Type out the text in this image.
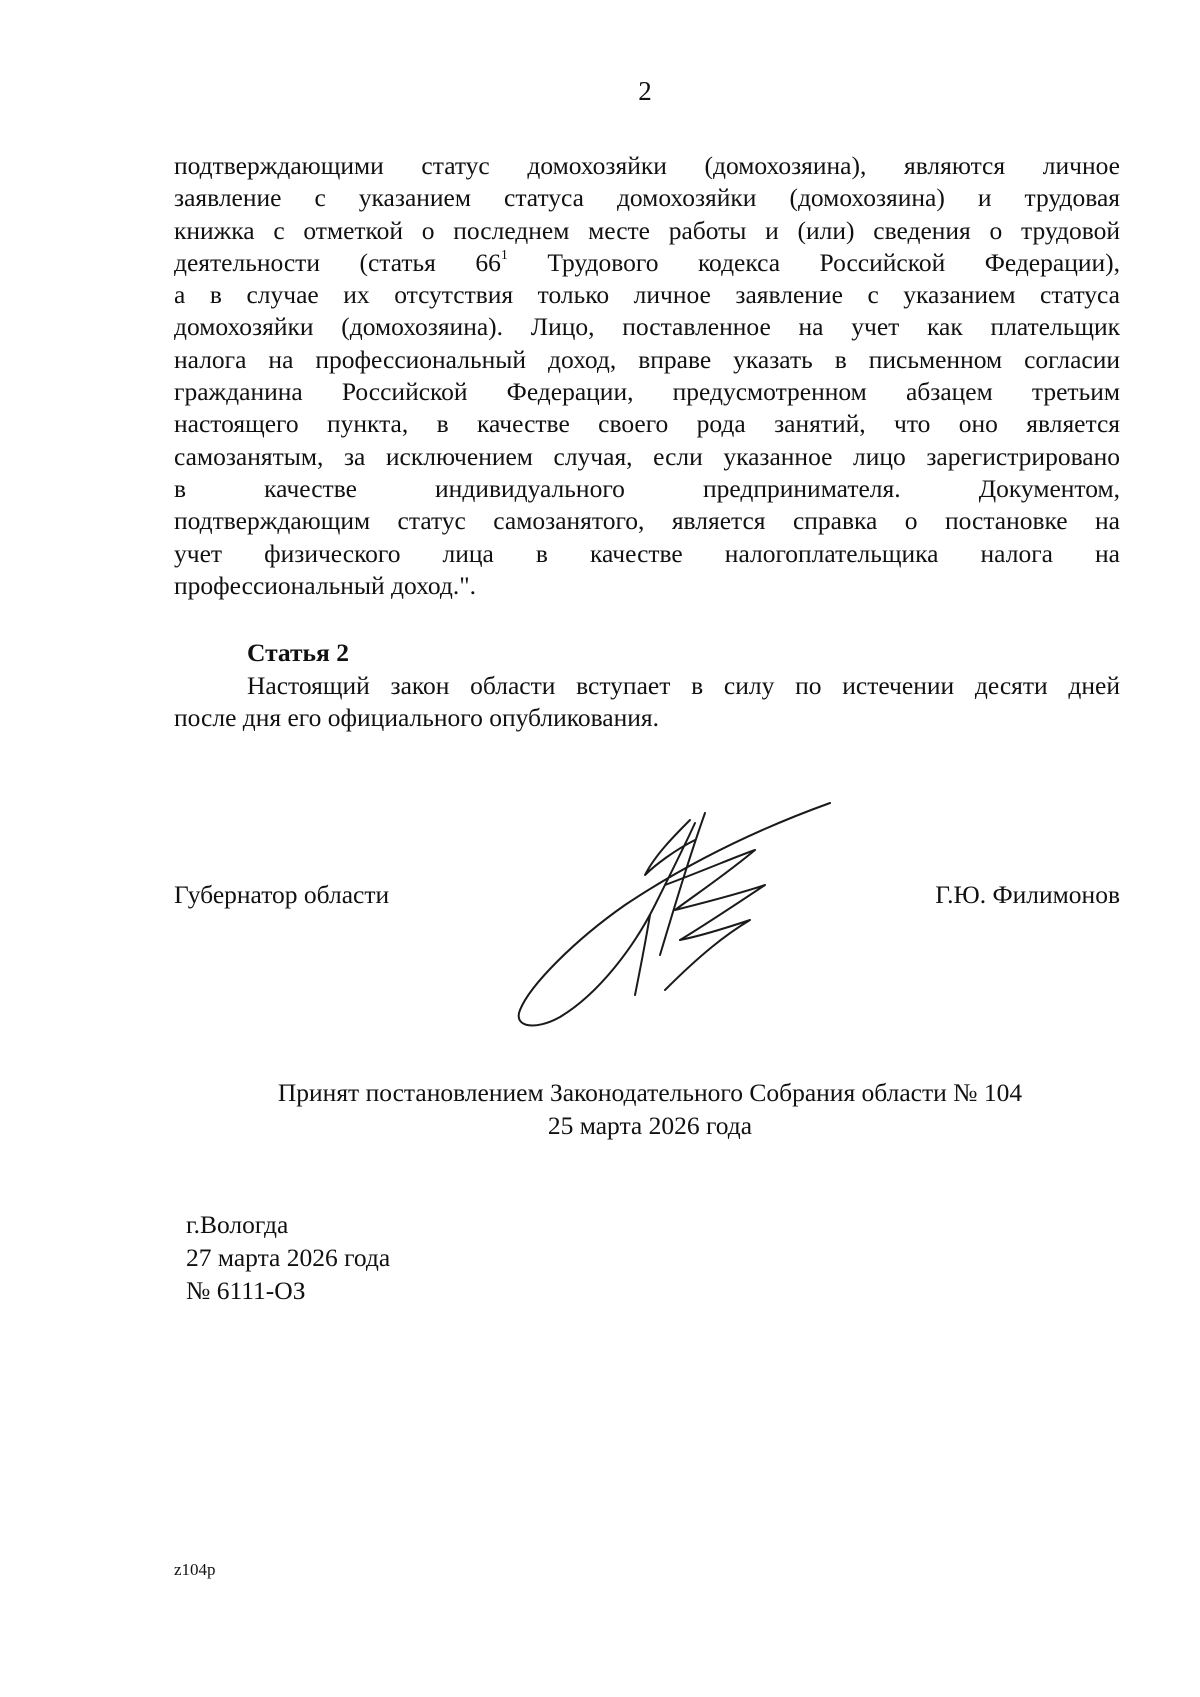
2
подтверждающими статус домохозяйки (домохозяина), являются личное
заявление с указанием статуса домохозяйки (домохозяина) и трудовая
книжка с отметкой о последнем месте работы и (или) сведения о трудовой
деятельности (статья 66$^1$ Трудового кодекса Российской Федерации),
а в случае их отсутствия только личное заявление с указанием статуса
домохозяйки (домохозяина). Лицо, поставленное на учет как плательщик
налога на профессиональный доход, вправе указать в письменном согласии
гражданина Российской Федерации, предусмотренном абзацем третьим
настоящего пункта, в качестве своего рода занятий, что оно является
самозанятым, за исключением случая, если указанное лицо зарегистрировано
в качестве индивидуального предпринимателя. Документом,
подтверждающим статус самозанятого, является справка о постановке на
учет физического лица в качестве налогоплательщика налога на
профессиональный доход.".
Статья 2
Настоящий закон области вступает в силу по истечении десяти дней
после дня его официального опубликования.
Губернатор области	Г.Ю. Филимонов
Принят постановлением Законодательного Собрания области № 104
25 марта 2026 года
г.Вологда
27 марта 2026 года
№ 6111-ОЗ
z104p
